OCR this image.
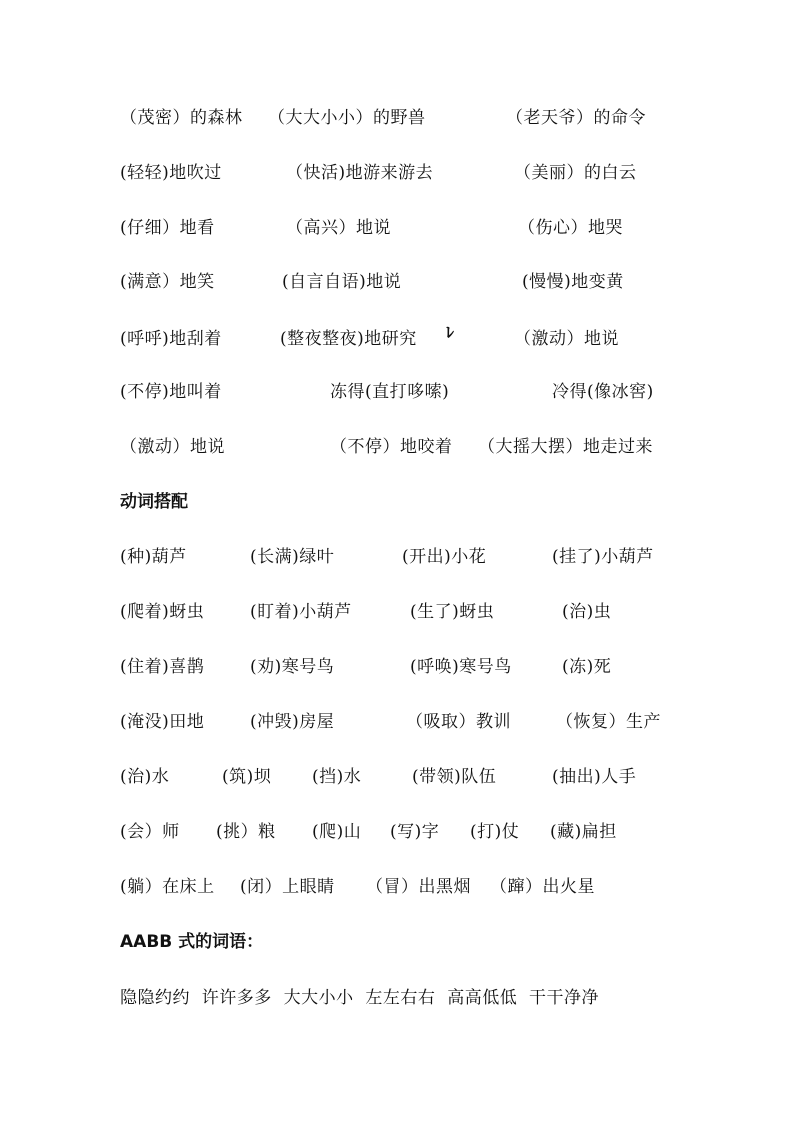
（茂密）的森林 （大大小小）的野兽	（老天爷）的命令
(轻轻)地吹过	（快活)地游来游去	（美丽）的白云
(仔细）地看	（高兴）地说	（伤心）地哭
(满意）地笑	(自言自语)地说	(慢慢)地变黄
(呼呼)地刮着	(整夜整夜)地研究	（激动）地说
ﾚ
(不停)地叫着	冻得(直打哆嗦)	冷得(像冰窖)
（激动）地说	（不停）地咬着 （大摇大摆）地走过来
动词搭配
(种)葫芦	(长满)绿叶	(开出)小花	(挂了)小葫芦
(爬着)蚜虫	(盯着)小葫芦	(生了)蚜虫	(治)虫
(住着)喜鹊	(劝)寒号鸟	(呼唤)寒号鸟	(冻)死
(淹没)田地	(冲毁)房屋	（吸取）教训	（恢复）生产
(治)水	(筑)坝 (挡)水	(带领)队伍	(抽出)人手
(会）师 (挑）粮 (爬)山 (写)字 (打)仗 (藏)扁担
(躺）在床上 (闭）上眼睛 （冒）出黑烟 （蹿）出火星
AABB 式的词语：
隐隐约约  许许多多  大大小小  左左右右  高高低低  干干净净
